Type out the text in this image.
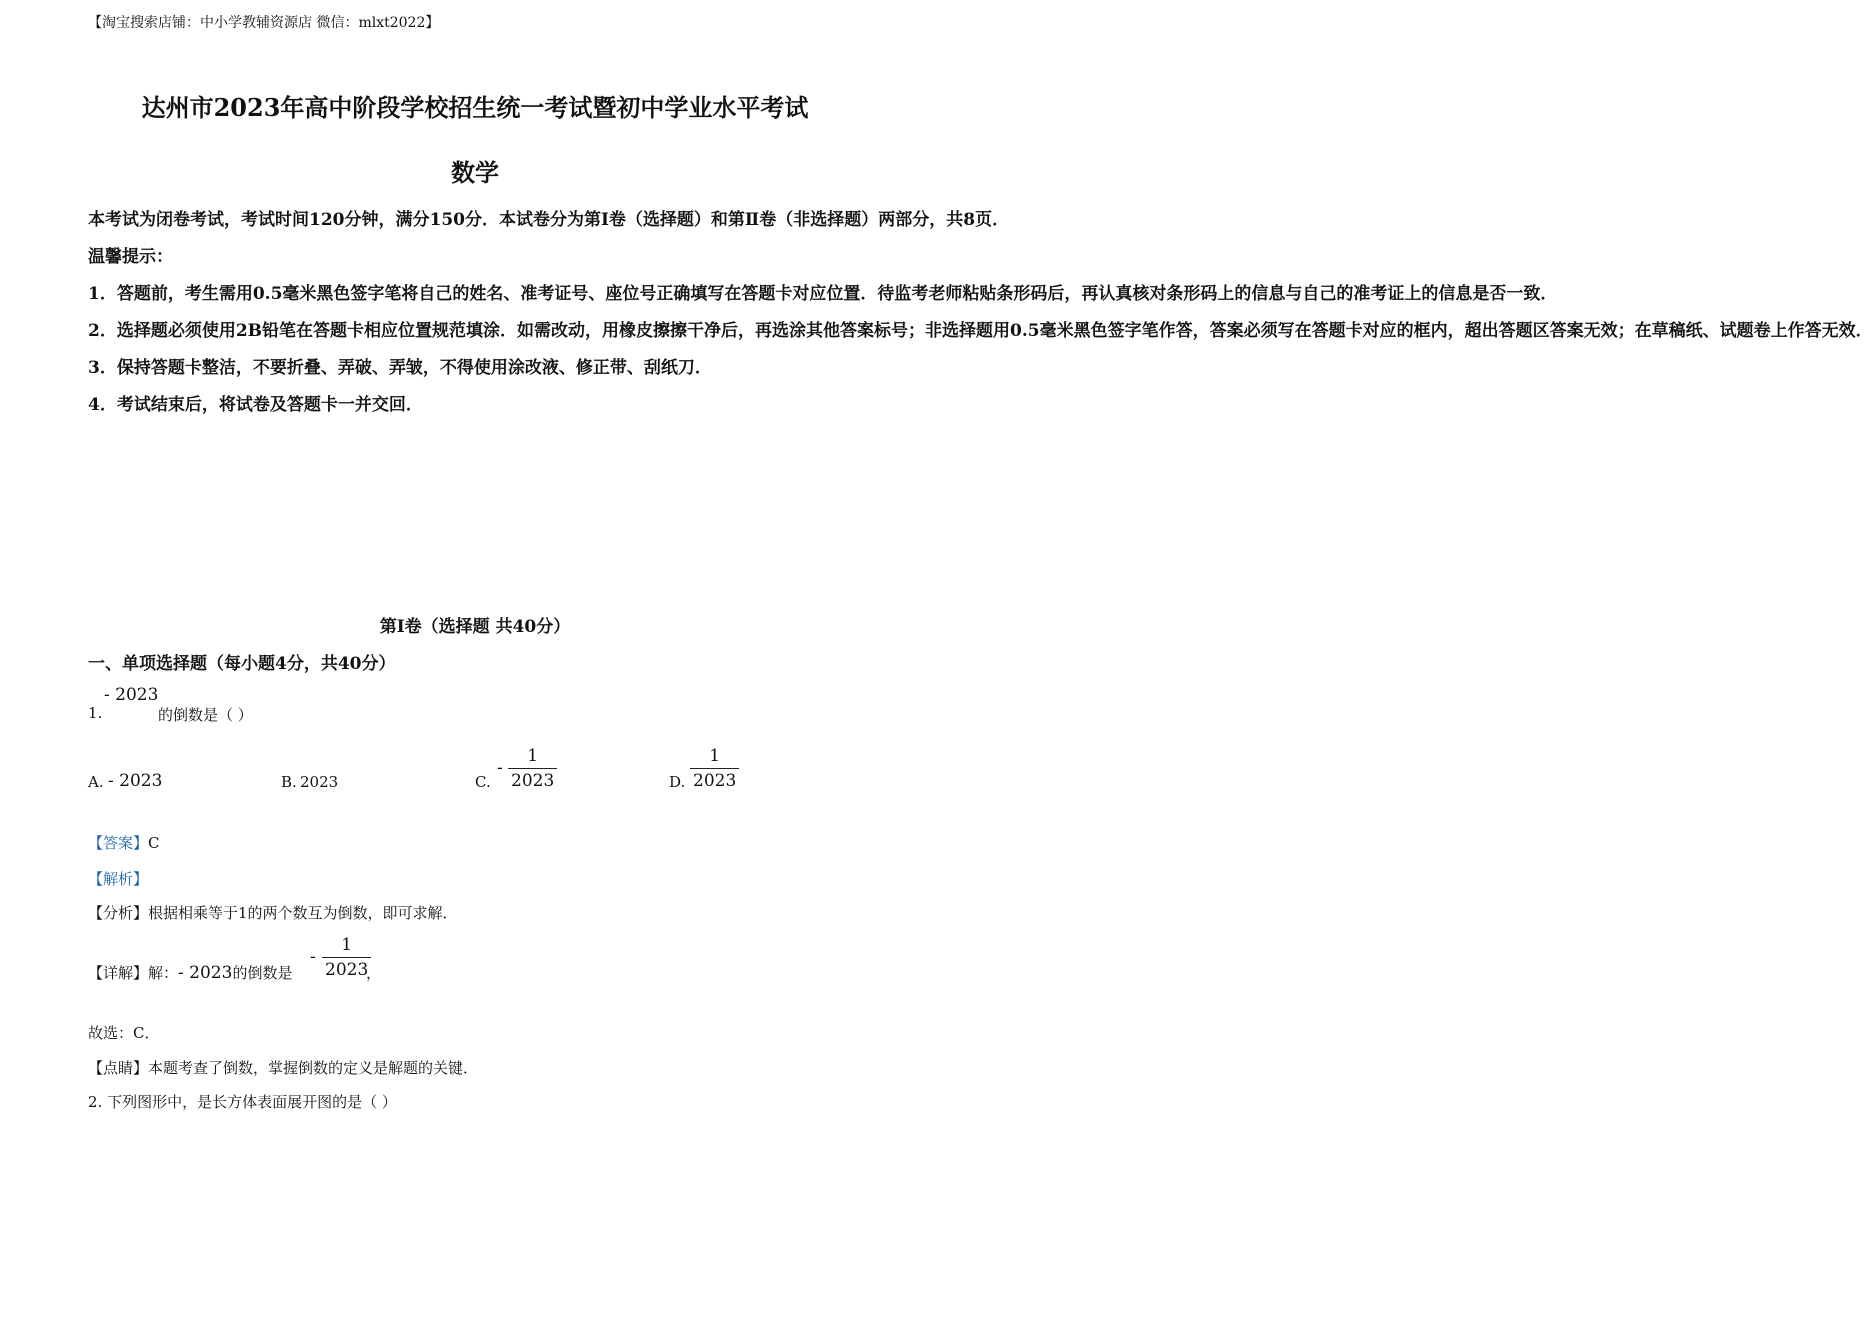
【淘宝搜索店铺：中小学教辅资源店 微信：mlxt2022】
达州市2023年高中阶段学校招生统一考试暨初中学业水平考试
数学

本考试为闭卷考试，考试时间120分钟，满分150分．本试卷分为第Ⅰ卷（选择题）和第Ⅱ卷（非选择题）两部分，共8页．

温馨提示：

1．答题前，考生需用0.5毫米黑色签字笔将自己的姓名、准考证号、座位号正确填写在答题卡对应位置．待监考老师粘贴条形码后，再认真核对条形码上的信息与自己的准考证上的信息是否一致．

2．选择题必须使用2B铅笔在答题卡相应位置规范填涂．如需改动，用橡皮擦擦干净后，再选涂其他答案标号；非选择题用0.5毫米黑色签字笔作答，答案必须写在答题卡对应的框内，超出答题区答案无效；在草稿纸、试题卷上作答无效．

3．保持答题卡整洁，不要折叠、弄破、弄皱，不得使用涂改液、修正带、刮纸刀．

4．考试结束后，将试卷及答题卡一并交回．

第Ⅰ卷（选择题 共40分）
一、单项选择题（每小题4分，共40分）
1.
- 2023
的倒数是（ ）
A. - 2023	B. 2023	C.
- $\frac{1}{2023}$	D. $\frac{1}{2023}$
【答案】C
【解析】
【分析】根据相乘等于1的两个数互为倒数，即可求解．
【详解】解：- 2023的倒数是
- $\frac{1}{2023}$
，
故选：C．
【点睛】本题考查了倒数，掌握倒数的定义是解题的关键．
2. 下列图形中，是长方体表面展开图的是（ ）
